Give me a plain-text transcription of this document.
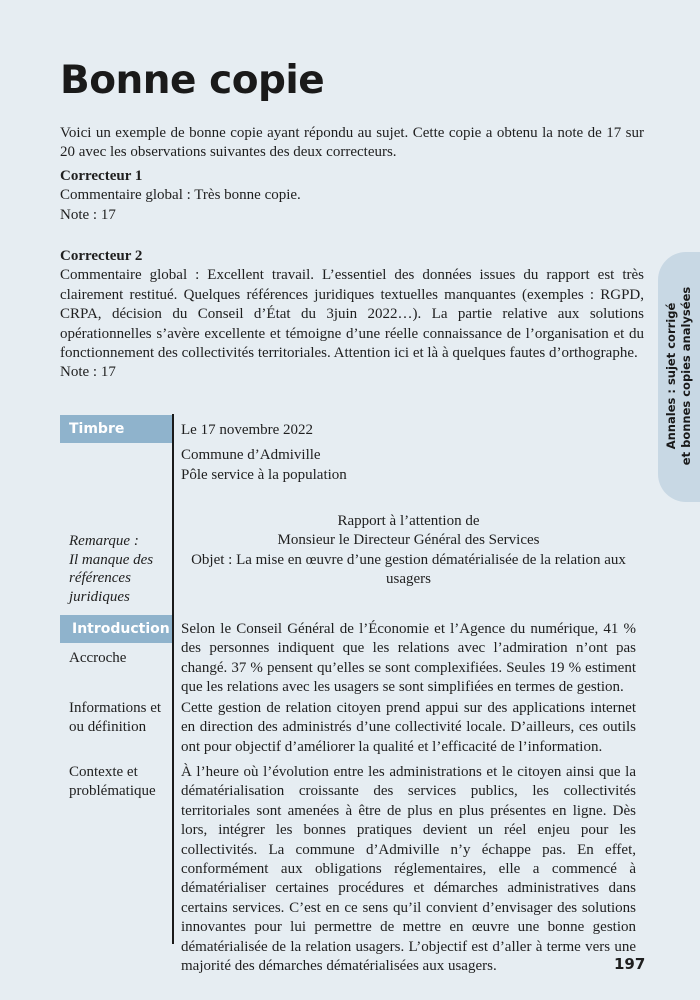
Bonne copie
Annales : sujet corrigé et bonnes copies analysées

Voici un exemple de bonne copie ayant répondu au sujet. Cette copie a obtenu la note de 17 sur 20 avec les observations suivantes des deux correcteurs.

Correcteur 1

Commentaire global : Très bonne copie.

Note : 17

Correcteur 2

Commentaire global : Excellent travail. L’essentiel des données issues du rapport est très clairement restitué. Quelques références juridiques textuelles manquantes (exemples : RGPD, CRPA, décision du Conseil d’État du 3juin 2022…). La partie relative aux solutions opérationnelles s’avère excellente et témoigne d’une réelle connaissance de l’organisation et du fonctionnement des collectivités territoriales. Attention ici et là à quelques fautes d’orthographe.

Note : 17

Timbre	Le 17 novembre 2022

Commune d’Admiville

Pôle service à la population

Remarque :
Il manque des références juridiques

Rapport à l’attention de

Monsieur le Directeur Général des Services

Objet : La mise en œuvre d’une gestion dématérialisée de la relation aux usagers

Introduction
Accroche

Selon le Conseil Général de l’Économie et l’Agence du numérique, 41 % des personnes indiquent que les relations avec l’admiration n’ont pas changé. 37 % pensent qu’elles se sont complexifiées. Seules 19 % estiment que les relations avec les usagers se sont simplifiées en termes de gestion.

Informations et ou définition

Cette gestion de relation citoyen prend appui sur des applications internet en direction des administrés d’une collectivité locale. D’ailleurs, ces outils ont pour objectif d’améliorer la qualité et l’efficacité de l’information.

Contexte et problématique

À l’heure où l’évolution entre les administrations et le citoyen ainsi que la dématérialisation croissante des services publics, les collectivités territoriales sont amenées à être de plus en plus présentes en ligne. Dès lors, intégrer les bonnes pratiques devient un réel enjeu pour les collectivités. La commune d’Admiville n’y échappe pas. En effet, conformément aux obligations réglementaires, elle a commencé à dématérialiser certaines procédures et démarches administratives dans certains services. C’est en ce sens qu’il convient d’envisager des solutions innovantes pour lui permettre de mettre en œuvre une bonne gestion dématérialisée de la relation usagers. L’objectif est d’aller à terme vers une majorité des démarches dématérialisées aux usagers.	197
